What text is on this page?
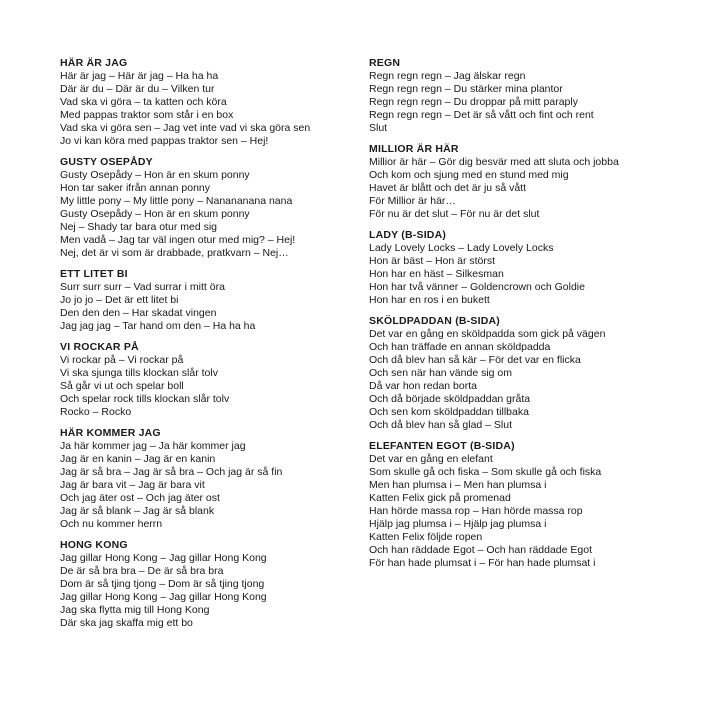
HÄR ÄR JAG
Här är jag – Här är jag – Ha ha ha
Där är du – Där är du – Vilken tur
Vad ska vi göra – ta katten och köra
Med pappas traktor som står i en box
Vad ska vi göra sen – Jag vet inte vad vi ska göra sen
Jo vi kan köra med pappas traktor sen – Hej!
GUSTY OSEPÅDY
Gusty Osepådy – Hon är en skum ponny
Hon tar saker ifrån annan ponny
My little pony – My little pony – Nanananana nana
Gusty Osepådy – Hon är en skum ponny
Nej – Shady tar bara otur med sig
Men vadå – Jag tar väl ingen otur med mig? – Hej!
Nej, det är vi som är drabbade, pratkvarn – Nej…
ETT LITET BI
Surr surr surr – Vad surrar i mitt öra
Jo jo jo – Det är ett litet bi
Den den den – Har skadat vingen
Jag jag jag – Tar hand om den – Ha ha ha
VI ROCKAR PÅ
Vi rockar på – Vi rockar på
Vi ska sjunga tills klockan slår tolv
Så går vi ut och spelar boll
Och spelar rock tills klockan slår tolv
Rocko – Rocko
HÄR KOMMER JAG
Ja här kommer jag – Ja här kommer jag
Jag är en kanin – Jag är en kanin
Jag är så bra – Jag är så bra – Och jag är så fin
Jag är bara vit – Jag är bara vit
Och jag äter ost – Och jag äter ost
Jag är så blank – Jag är så blank
Och nu kommer herrn
HONG KONG
Jag gillar Hong Kong – Jag gillar Hong Kong
De är så bra bra – De är så bra bra
Dom är så tjing tjong – Dom är så tjing tjong
Jag gillar Hong Kong – Jag gillar Hong Kong
Jag ska flytta mig till Hong Kong
Där ska jag skaffa mig ett bo
REGN
Regn regn regn – Jag älskar regn
Regn regn regn – Du stärker mina plantor
Regn regn regn – Du droppar på mitt paraply
Regn regn regn – Det är så vått och fint och rent
Slut
MILLIOR ÄR HÄR
Millior är här – Gör dig besvär med att sluta och jobba
Och kom och sjung med en stund med mig
Havet är blått och det är ju så vått
För Millior är här…
För nu är det slut – För nu är det slut
LADY (B-SIDA)
Lady Lovely Locks – Lady Lovely Locks
Hon är bäst – Hon är störst
Hon har en häst – Silkesman
Hon har två vänner – Goldencrown och Goldie
Hon har en ros i en bukett
SKÖLDPADDAN (B-SIDA)
Det var en gång en sköldpadda som gick på vägen
Och han träffade en annan sköldpadda
Och då blev han så kär – För det var en flicka
Och sen när han vände sig om
Då var hon redan borta
Och då började sköldpaddan gråta
Och sen kom sköldpaddan tillbaka
Och då blev han så glad – Slut
ELEFANTEN EGOT (B-SIDA)
Det var en gång en elefant
Som skulle gå och fiska – Som skulle gå och fiska
Men han plumsa i – Men han plumsa i
Katten Felix gick på promenad
Han hörde massa rop – Han hörde massa rop
Hjälp jag plumsa i – Hjälp jag plumsa i
Katten Felix följde ropen
Och han räddade Egot – Och han räddade Egot
För han hade plumsat i – För han hade plumsat i
